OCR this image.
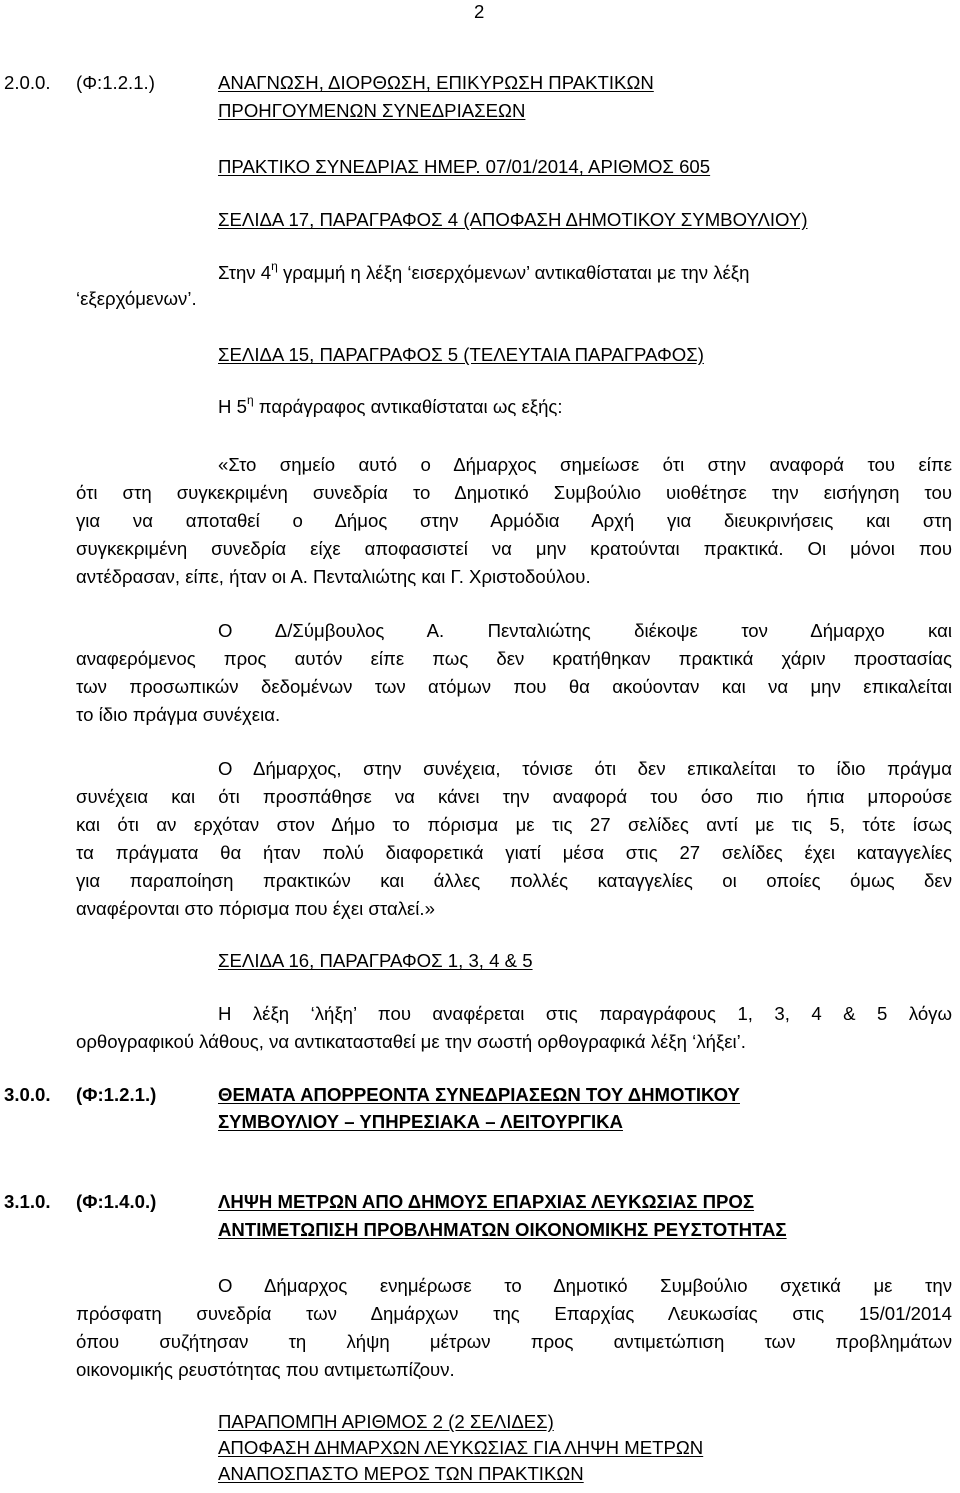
2
2.0.0. (Φ:1.2.1.)	ΑΝΑΓΝΩΣΗ, ΔΙΟΡΘΩΣΗ, ΕΠΙΚΥΡΩΣΗ ΠΡΑΚΤΙΚΩΝ
ΠΡΟΗΓΟΥΜΕΝΩΝ ΣΥΝΕΔΡΙΑΣΕΩΝ
ΠΡΑΚΤΙΚΟ ΣΥΝΕΔΡΙΑΣ ΗΜΕΡ. 07/01/2014, ΑΡΙΘΜΟΣ 605
ΣΕΛΙΔΑ 17, ΠΑΡΑΓΡΑΦΟΣ 4 (ΑΠΟΦΑΣΗ ΔΗΜΟΤΙΚΟΥ ΣΥΜΒΟΥΛΙΟΥ)
Στην $4^\eta$ γραμμή η λέξη ‘εισερχόμενων’ αντικαθίσταται με την λέξη
‘εξερχόμενων’.
ΣΕΛΙΔΑ 15, ΠΑΡΑΓΡΑΦΟΣ 5 (ΤΕΛΕΥΤΑΙΑ ΠΑΡΑΓΡΑΦΟΣ)
Η $5^\eta$ παράγραφος αντικαθίσταται ως εξής:
«Στο σημείο αυτό ο Δήμαρχος σημείωσε ότι στην αναφορά του είπε
ότι στη συγκεκριμένη συνεδρία το Δημοτικό Συμβούλιο υιοθέτησε την εισήγηση του
για να αποταθεί ο Δήμος στην Αρμόδια Αρχή για διευκρινήσεις και στη
συγκεκριμένη συνεδρία είχε αποφασιστεί να μην κρατούνται πρακτικά. Οι μόνοι που
αντέδρασαν, είπε, ήταν οι Α. Πενταλιώτης και Γ. Χριστοδούλου.
Ο Δ/Σύμβουλος Α. Πενταλιώτης διέκοψε τον Δήμαρχο και
αναφερόμενος προς αυτόν είπε πως δεν κρατήθηκαν πρακτικά χάριν προστασίας
των προσωπικών δεδομένων των ατόμων που θα ακούονταν και να μην επικαλείται
το ίδιο πράγμα συνέχεια.
Ο Δήμαρχος, στην συνέχεια, τόνισε ότι δεν επικαλείται το ίδιο πράγμα
συνέχεια και ότι προσπάθησε να κάνει την αναφορά του όσο πιο ήπια μπορούσε
και ότι αν ερχόταν στον Δήμο το πόρισμα με τις 27 σελίδες αντί με τις 5, τότε ίσως
τα πράγματα θα ήταν πολύ διαφορετικά γιατί μέσα στις 27 σελίδες έχει καταγγελίες
για παραποίηση πρακτικών και άλλες πολλές καταγγελίες οι οποίες όμως δεν
αναφέρονται στο πόρισμα που έχει σταλεί.»
ΣΕΛΙΔΑ 16, ΠΑΡΑΓΡΑΦΟΣ 1, 3, 4 & 5
Η λέξη ‘λήξη’ που αναφέρεται στις παραγράφους 1, 3, 4 & 5 λόγω
ορθογραφικού λάθους, να αντικατασταθεί με την σωστή ορθογραφικά λέξη ‘λήξει’.
3.0.0. (Φ:1.2.1.)	ΘΕΜΑΤΑ ΑΠΟΡΡΕΟΝΤΑ ΣΥΝΕΔΡΙΑΣΕΩΝ ΤΟΥ ΔΗΜΟΤΙΚΟΥ
ΣΥΜΒΟΥΛΙΟΥ – ΥΠΗΡΕΣΙΑΚΑ – ΛΕΙΤΟΥΡΓΙΚΑ
3.1.0. (Φ:1.4.0.)	ΛΗΨΗ ΜΕΤΡΩΝ ΑΠΟ ΔΗΜΟΥΣ ΕΠΑΡΧΙΑΣ ΛΕΥΚΩΣΙΑΣ ΠΡΟΣ
ΑΝΤΙΜΕΤΩΠΙΣΗ ΠΡΟΒΛΗΜΑΤΩΝ ΟΙΚΟΝΟΜΙΚΗΣ ΡΕΥΣΤΟΤΗΤΑΣ
Ο Δήμαρχος ενημέρωσε το Δημοτικό Συμβούλιο σχετικά με την
πρόσφατη συνεδρία των Δημάρχων της Επαρχίας Λευκωσίας στις 15/01/2014
όπου συζήτησαν τη λήψη μέτρων προς αντιμετώπιση των προβλημάτων
οικονομικής ρευστότητας που αντιμετωπίζουν.
ΠΑΡΑΠΟΜΠΗ ΑΡΙΘΜΟΣ 2 (2 ΣΕΛΙΔΕΣ)
ΑΠΟΦΑΣΗ ΔΗΜΑΡΧΩΝ ΛΕΥΚΩΣΙΑΣ ΓΙΑ ΛΗΨΗ ΜΕΤΡΩΝ
ΑΝΑΠΟΣΠΑΣΤΟ ΜΕΡΟΣ ΤΩΝ ΠΡΑΚΤΙΚΩΝ
